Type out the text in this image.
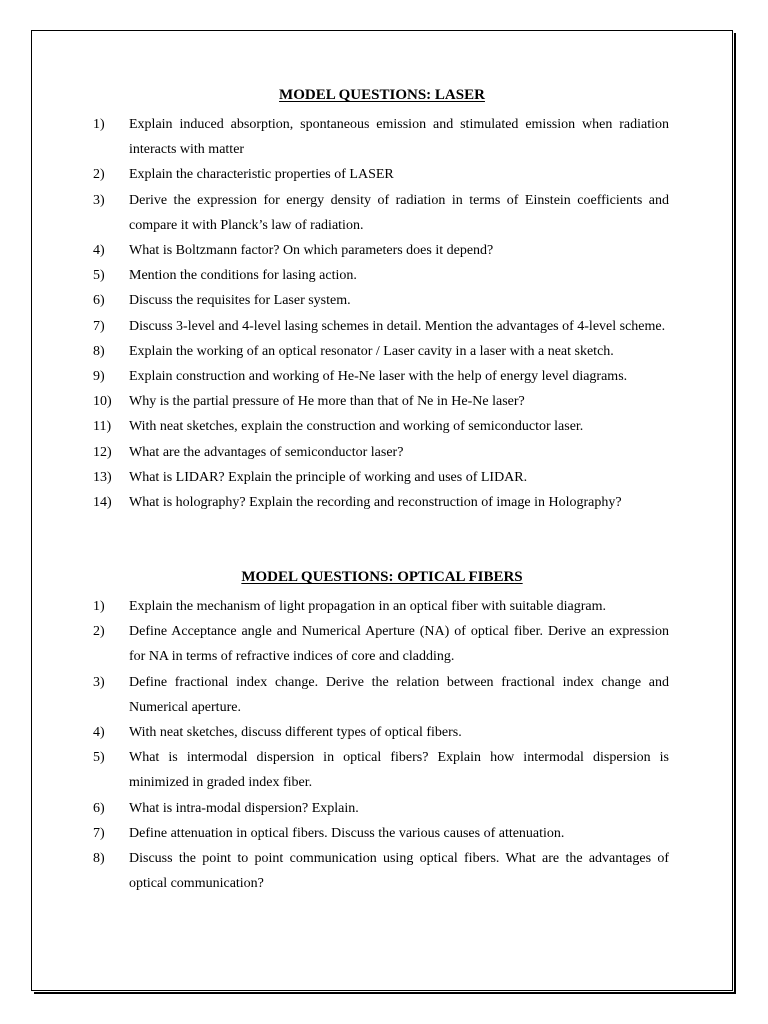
MODEL QUESTIONS: LASER
1) Explain induced absorption, spontaneous emission and stimulated emission when radiation interacts with matter
2) Explain the characteristic properties of LASER
3) Derive the expression for energy density of radiation in terms of Einstein coefficients and compare it with Planck’s law of radiation.
4) What is Boltzmann factor? On which parameters does it depend?
5) Mention the conditions for lasing action.
6) Discuss the requisites for Laser system.
7) Discuss 3-level and 4-level lasing schemes in detail. Mention the advantages of 4-level scheme.
8) Explain the working of an optical resonator / Laser cavity in a laser with a neat sketch.
9) Explain construction and working of He-Ne laser with the help of energy level diagrams.
10) Why is the partial pressure of He more than that of Ne in He-Ne laser?
11) With neat sketches, explain the construction and working of semiconductor laser.
12) What are the advantages of semiconductor laser?
13) What is LIDAR? Explain the principle of working and uses of LIDAR.
14) What is holography? Explain the recording and reconstruction of image in Holography?
MODEL QUESTIONS: OPTICAL FIBERS
1) Explain the mechanism of light propagation in an optical fiber with suitable diagram.
2) Define Acceptance angle and Numerical Aperture (NA) of optical fiber. Derive an expression for NA in terms of refractive indices of core and cladding.
3) Define fractional index change. Derive the relation between fractional index change and Numerical aperture.
4) With neat sketches, discuss different types of optical fibers.
5) What is intermodal dispersion in optical fibers? Explain how intermodal dispersion is minimized in graded index fiber.
6) What is intra-modal dispersion? Explain.
7) Define attenuation in optical fibers. Discuss the various causes of attenuation.
8) Discuss the point to point communication using optical fibers. What are the advantages of optical communication?
